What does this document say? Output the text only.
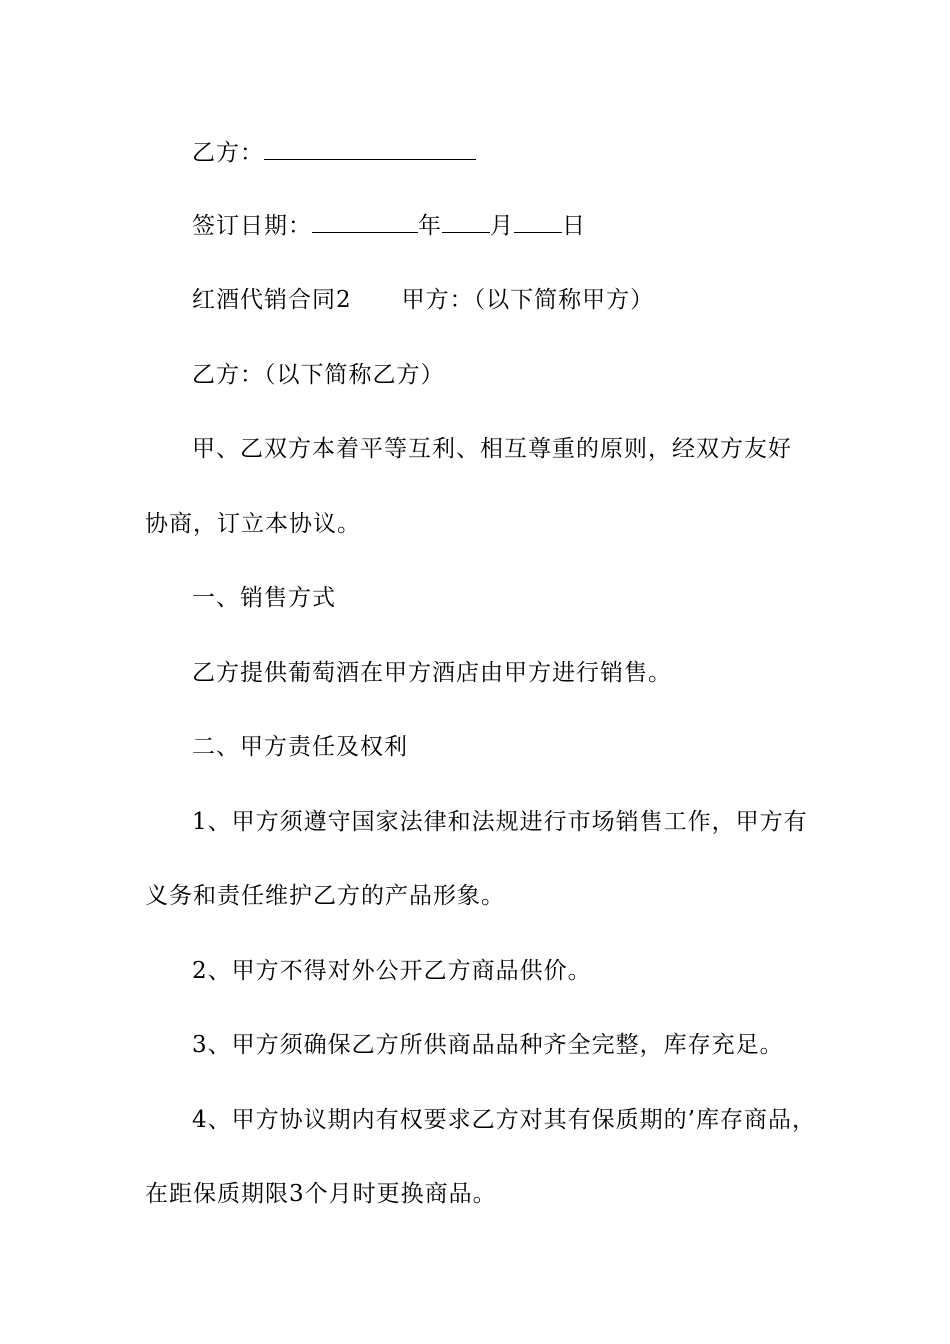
乙方：
签订日期：	年 月 日
红酒代销合同2 甲方：（以下简称甲方）
乙方：（以下简称乙方）
甲、乙双方本着平等互利、相互尊重的原则，经双方友好
协商，订立本协议。
一、销售方式
乙方提供葡萄酒在甲方酒店由甲方进行销售。
二、甲方责任及权利
1、甲方须遵守国家法律和法规进行市场销售工作，甲方有
义务和责任维护乙方的产品形象。
2、甲方不得对外公开乙方商品供价。
3、甲方须确保乙方所供商品品种齐全完整，库存充足。
4、甲方协议期内有权要求乙方对其有保质期的’库存商品，
在距保质期限3个月时更换商品。
